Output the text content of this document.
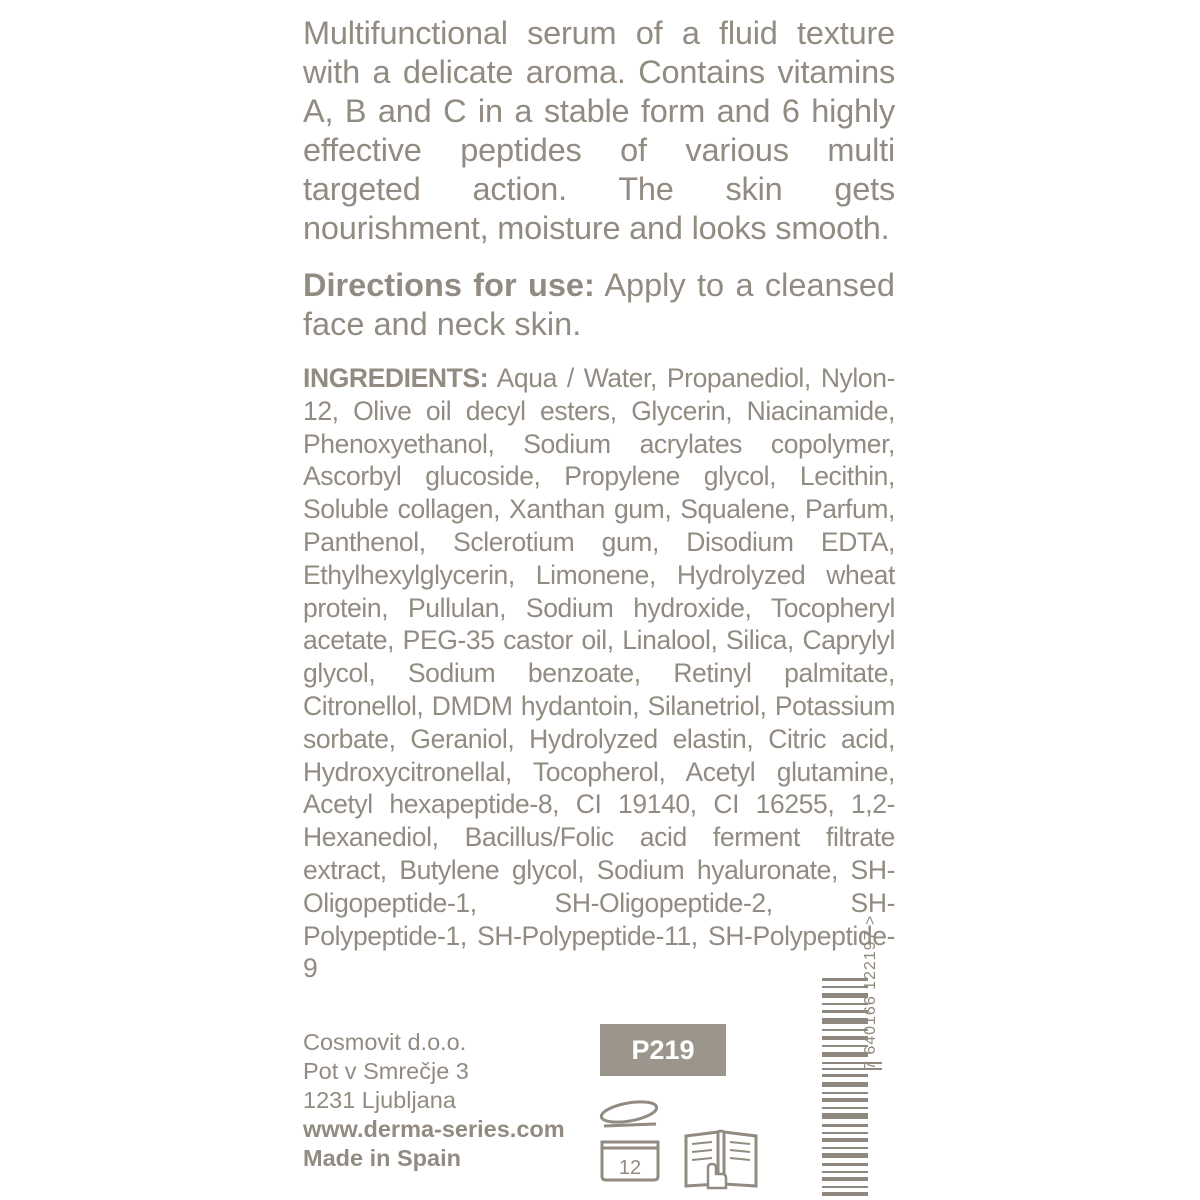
Multifunctional serum of a fluid texture with a delicate aroma. Contains vitamins A, B and C in a stable form and 6 highly effective peptides of various multi targeted action. The skin gets nourishment, moisture and looks smooth.

Directions for use: Apply to a cleansed face and neck skin.

INGREDIENTS: Aqua / Water, Propanediol, Nylon-12, Olive oil decyl esters, Glycerin, Niacinamide, Phenoxyethanol, Sodium acrylates copolymer, Ascorbyl glucoside, Propylene glycol, Lecithin, Soluble collagen, Xanthan gum, Squalene, Parfum, Panthenol, Sclerotium gum, Disodium EDTA, Ethylhexylglycerin, Limonene, Hydrolyzed wheat protein, Pullulan, Sodium hydroxide, Tocopheryl acetate, PEG-35 castor oil, Linalool, Silica, Caprylyl glycol, Sodium benzoate, Retinyl palmitate, Citronellol, DMDM hydantoin, Silanetriol, Potassium sorbate, Geraniol, Hydrolyzed elastin, Citric acid, Hydroxycitronellal, Tocopherol, Acetyl glutamine, Acetyl hexapeptide-8, CI 19140, CI 16255, 1,2-Hexanediol, Bacillus/Folic acid ferment filtrate extract, Butylene glycol, Sodium hyaluronate, SH-Oligopeptide-1, SH-Oligopeptide-2, SH-Polypeptide-1, SH-Polypeptide-11, SH-Polypeptide-9

Cosmovit d.o.o.
Pot v Smrečje 3
1231 Ljubljana
www.derma-series.com
Made in Spain
P219
12
7 640166 122197 >
